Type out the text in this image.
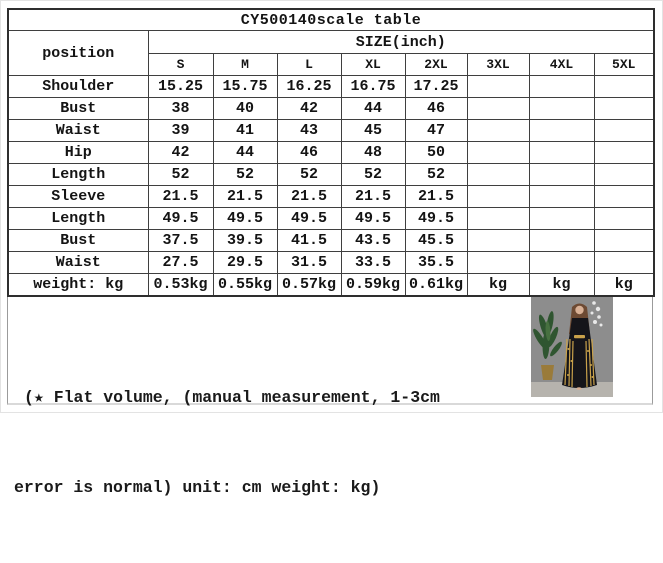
CY500140scale table								
position	SIZE(inch)							
	S	M	L	XL	2XL	3XL	4XL	5XL
Shoulder	15.25	15.75	16.25	16.75	17.25			
Bust	38	40	42	44	46			
Waist	39	41	43	45	47			
Hip	42	44	46	48	50			
Length	52	52	52	52	52			
Sleeve	21.5	21.5	21.5	21.5	21.5			
Length	49.5	49.5	49.5	49.5	49.5			
Bust	37.5	39.5	41.5	43.5	45.5			
Waist	27.5	29.5	31.5	33.5	35.5			
weight: kg	0.53kg	0.55kg	0.57kg	0.59kg	0.61kg	kg	kg	kg

(★ Flat volume, (manual measurement, 1-3cm

error is normal) unit: cm weight: kg)
